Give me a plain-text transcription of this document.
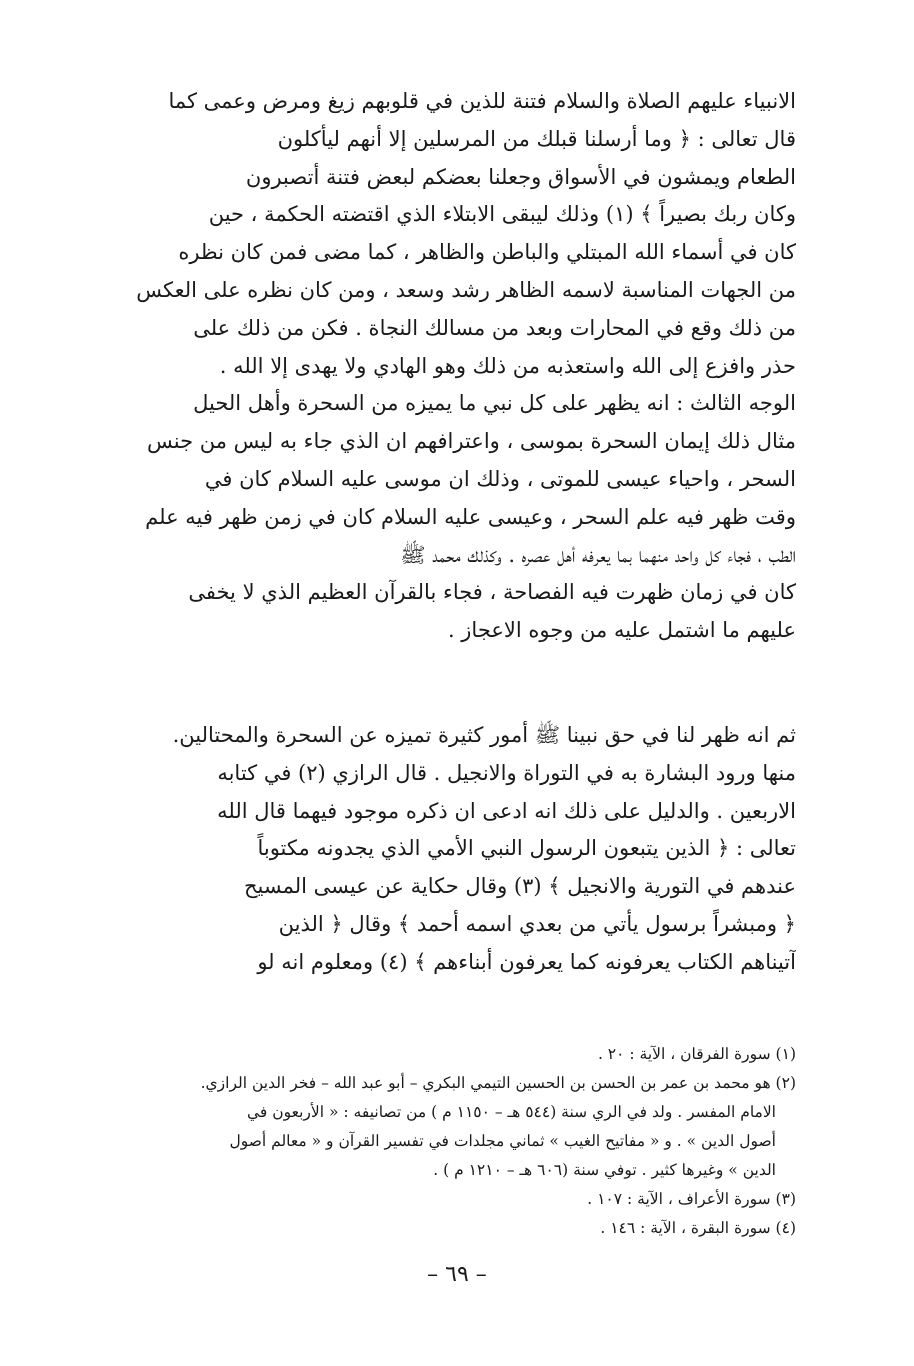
الانبياء عليهم الصلاة والسلام فتنة للذين في قلوبهم زيغ ومرض وعمى كما
قال تعالى : ﴿ وما أرسلنا قبلك من المرسلين إلا أنهم ليأكلون
الطعام ويمشون في الأسواق وجعلنا بعضكم لبعض فتنة أتصبرون
وكان ربك بصيراً ﴾ (١) وذلك ليبقى الابتلاء الذي اقتضته الحكمة ، حين
كان في أسماء الله المبتلي والباطن والظاهر ، كما مضى فمن كان نظره
من الجهات المناسبة لاسمه الظاهر رشد وسعد ، ومن كان نظره على العكس
من ذلك وقع في المحارات وبعد من مسالك النجاة . فكن من ذلك على
حذر وافزع إلى الله واستعذبه من ذلك وهو الهادي ولا يهدى إلا الله .
الوجه الثالث : انه يظهر على كل نبي ما يميزه من السحرة وأهل الحيل
مثال ذلك إيمان السحرة بموسى ، واعترافهم ان الذي جاء به ليس من جنس
السحر ، واحياء عيسى للموتى ، وذلك ان موسى عليه السلام كان في
وقت ظهر فيه علم السحر ، وعيسى عليه السلام كان في زمن ظهر فيه علم
الطب ، فجاء كل واحد منهما بما يعرفه أهل عصره . وكذلك محمد ﷺ
كان في زمان ظهرت فيه الفصاحة ، فجاء بالقرآن العظيم الذي لا يخفى
عليهم ما اشتمل عليه من وجوه الاعجاز .
ثم انه ظهر لنا في حق نبينا ﷺ أمور كثيرة تميزه عن السحرة والمحتالين.
منها ورود البشارة به في التوراة والانجيل . قال الرازي (٢) في كتابه
الاربعين . والدليل على ذلك انه ادعى ان ذكره موجود فيهما قال الله
تعالى : ﴿ الذين يتبعون الرسول النبي الأمي الذي يجدونه مكتوباً
عندهم في التورية والانجيل ﴾ (٣) وقال حكاية عن عيسى المسيح
﴿ ومبشراً برسول يأتي من بعدي اسمه أحمد ﴾ وقال ﴿ الذين
آتيناهم الكتاب يعرفونه كما يعرفون أبناءهم ﴾ (٤) ومعلوم انه لو
(١) سورة الفرقان ، الآية : ٢٠ .
(٢) هو محمد بن عمر بن الحسن بن الحسين التيمي البكري – أبو عبد الله – فخر الدين الرازي.
الامام المفسر . ولد في الري سنة (٥٤٤ هـ – ١١٥٠ م ) من تصانيفه : « الأربعون في
أصول الدين » . و « مفاتيح الغيب » ثماني مجلدات في تفسير القرآن و « معالم أصول
الدين » وغيرها كثير . توفي سنة (٦٠٦ هـ – ١٢١٠ م ) .
(٣) سورة الأعراف ، الآية : ١٠٧ .
(٤) سورة البقرة ، الآية : ١٤٦ .
– ٦٩ –
